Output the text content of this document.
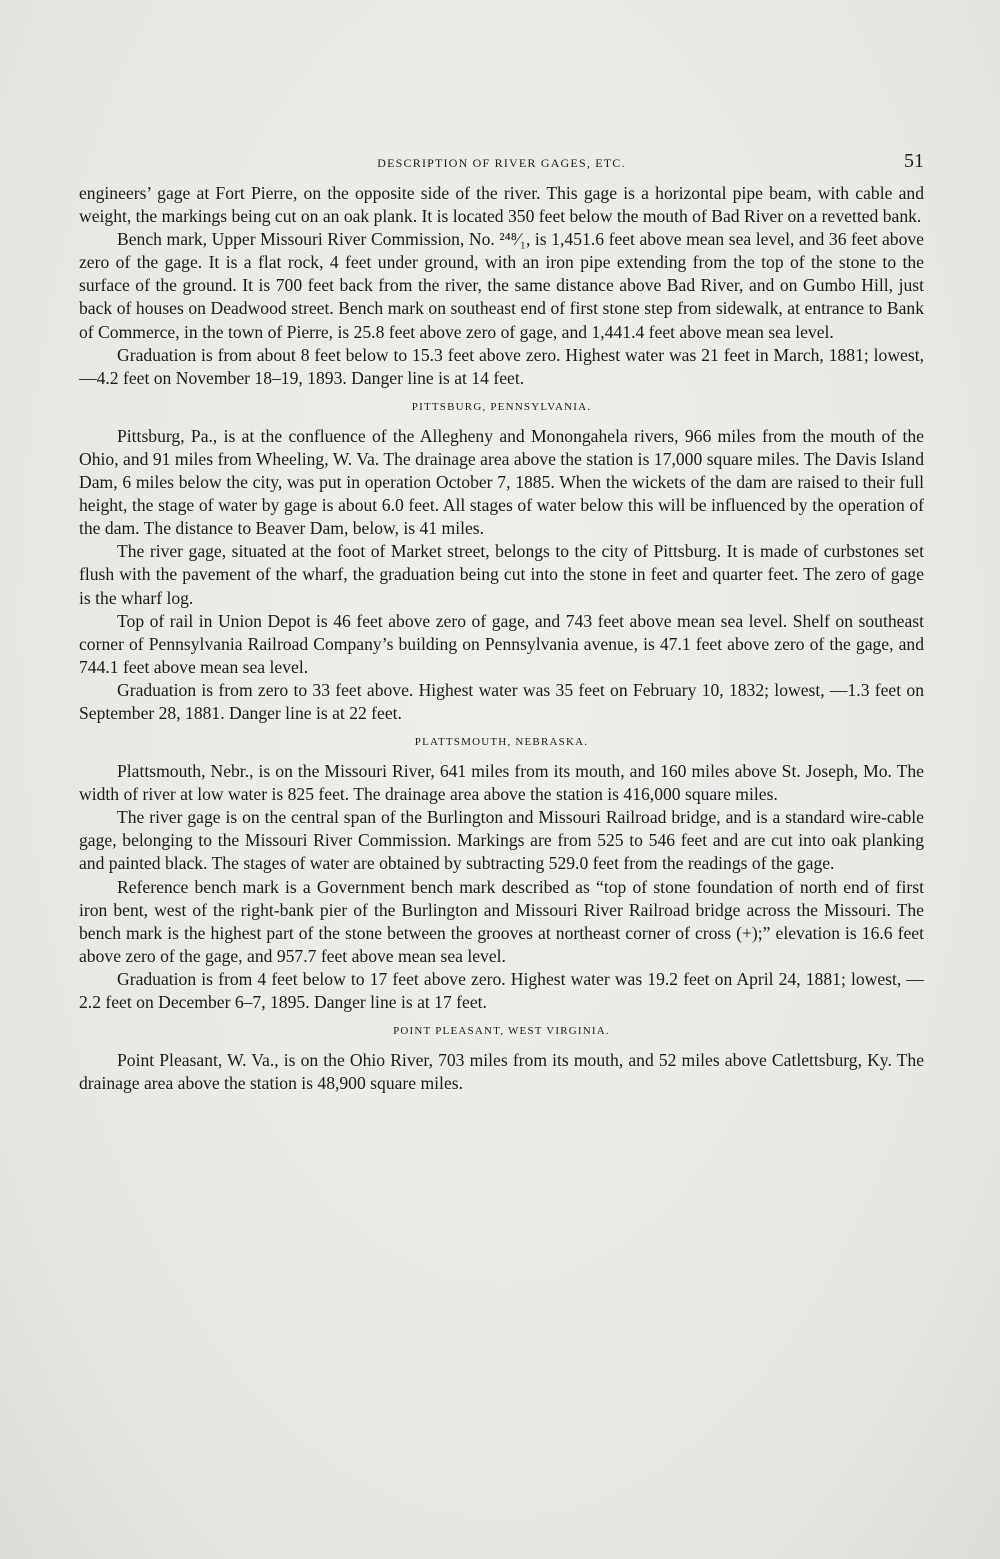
DESCRIPTION OF RIVER GAGES, ETC.	51

engineers’ gage at Fort Pierre, on the opposite side of the river. This gage is a horizontal pipe beam, with cable and weight, the markings being cut on an oak plank. It is located 350 feet below the mouth of Bad River on a revetted bank.

Bench mark, Upper Missouri River Commission, No. ²⁴⁸⁄₁, is 1,451.6 feet above mean sea level, and 36 feet above zero of the gage. It is a flat rock, 4 feet under ground, with an iron pipe extending from the top of the stone to the surface of the ground. It is 700 feet back from the river, the same distance above Bad River, and on Gumbo Hill, just back of houses on Deadwood street. Bench mark on southeast end of first stone step from sidewalk, at entrance to Bank of Commerce, in the town of Pierre, is 25.8 feet above zero of gage, and 1,441.4 feet above mean sea level.

Graduation is from about 8 feet below to 15.3 feet above zero. Highest water was 21 feet in March, 1881; lowest, —4.2 feet on November 18–19, 1893. Danger line is at 14 feet.

PITTSBURG, PENNSYLVANIA.

Pittsburg, Pa., is at the confluence of the Allegheny and Monongahela rivers, 966 miles from the mouth of the Ohio, and 91 miles from Wheeling, W. Va. The drainage area above the station is 17,000 square miles. The Davis Island Dam, 6 miles below the city, was put in operation October 7, 1885. When the wickets of the dam are raised to their full height, the stage of water by gage is about 6.0 feet. All stages of water below this will be influenced by the operation of the dam. The distance to Beaver Dam, below, is 41 miles.

The river gage, situated at the foot of Market street, belongs to the city of Pittsburg. It is made of curbstones set flush with the pavement of the wharf, the graduation being cut into the stone in feet and quarter feet. The zero of gage is the wharf log.

Top of rail in Union Depot is 46 feet above zero of gage, and 743 feet above mean sea level. Shelf on southeast corner of Pennsylvania Railroad Company’s building on Pennsylvania avenue, is 47.1 feet above zero of the gage, and 744.1 feet above mean sea level.

Graduation is from zero to 33 feet above. Highest water was 35 feet on February 10, 1832; lowest, —1.3 feet on September 28, 1881. Danger line is at 22 feet.

PLATTSMOUTH, NEBRASKA.

Plattsmouth, Nebr., is on the Missouri River, 641 miles from its mouth, and 160 miles above St. Joseph, Mo. The width of river at low water is 825 feet. The drainage area above the station is 416,000 square miles.

The river gage is on the central span of the Burlington and Missouri Railroad bridge, and is a standard wire-cable gage, belonging to the Missouri River Commission. Markings are from 525 to 546 feet and are cut into oak planking and painted black. The stages of water are obtained by subtracting 529.0 feet from the readings of the gage.

Reference bench mark is a Government bench mark described as “top of stone foundation of north end of first iron bent, west of the right-bank pier of the Burlington and Missouri River Railroad bridge across the Missouri. The bench mark is the highest part of the stone between the grooves at northeast corner of cross (+);” elevation is 16.6 feet above zero of the gage, and 957.7 feet above mean sea level.

Graduation is from 4 feet below to 17 feet above zero. Highest water was 19.2 feet on April 24, 1881; lowest, —2.2 feet on December 6–7, 1895. Danger line is at 17 feet.

POINT PLEASANT, WEST VIRGINIA.

Point Pleasant, W. Va., is on the Ohio River, 703 miles from its mouth, and 52 miles above Catlettsburg, Ky. The drainage area above the station is 48,900 square miles.
